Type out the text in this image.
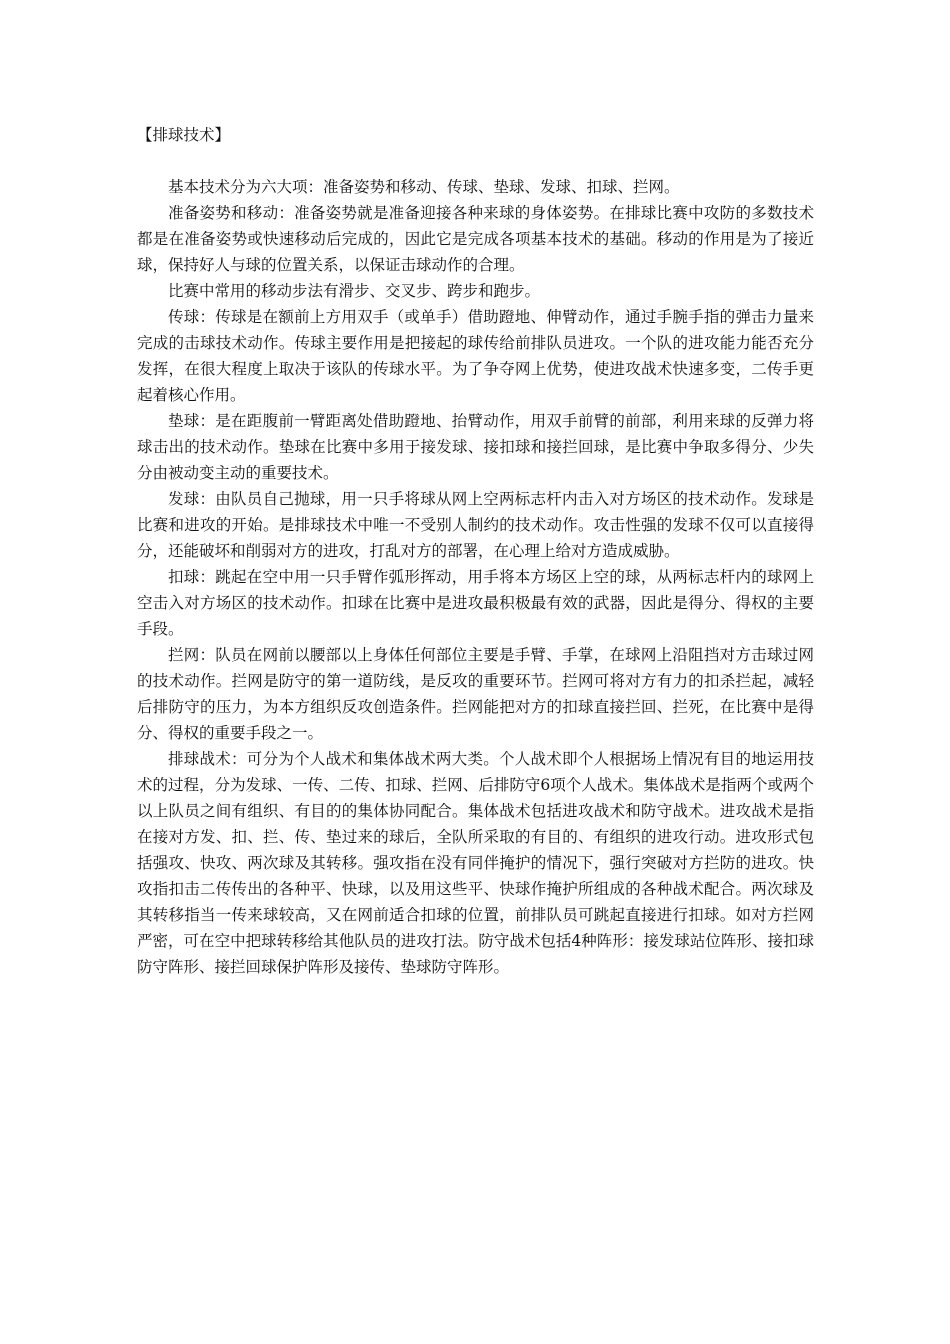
【排球技术】

基本技术分为六大项：准备姿势和移动、传球、垫球、发球、扣球、拦网。

准备姿势和移动：准备姿势就是准备迎接各种来球的身体姿势。在排球比赛中攻防的多数技术都是在准备姿势或快速移动后完成的，因此它是完成各项基本技术的基础。移动的作用是为了接近球，保持好人与球的位置关系，以保证击球动作的合理。

比赛中常用的移动步法有滑步、交叉步、跨步和跑步。

传球：传球是在额前上方用双手（或单手）借助蹬地、伸臂动作，通过手腕手指的弹击力量来完成的击球技术动作。传球主要作用是把接起的球传给前排队员进攻。一个队的进攻能力能否充分发挥，在很大程度上取决于该队的传球水平。为了争夺网上优势，使进攻战术快速多变，二传手更起着核心作用。

垫球：是在距腹前一臂距离处借助蹬地、抬臂动作，用双手前臂的前部，利用来球的反弹力将球击出的技术动作。垫球在比赛中多用于接发球、接扣球和接拦回球，是比赛中争取多得分、少失分由被动变主动的重要技术。

发球：由队员自己抛球，用一只手将球从网上空两标志杆内击入对方场区的技术动作。发球是比赛和进攻的开始。是排球技术中唯一不受别人制约的技术动作。攻击性强的发球不仅可以直接得分，还能破坏和削弱对方的进攻，打乱对方的部署，在心理上给对方造成威胁。

扣球：跳起在空中用一只手臂作弧形挥动，用手将本方场区上空的球，从两标志杆内的球网上空击入对方场区的技术动作。扣球在比赛中是进攻最积极最有效的武器，因此是得分、得权的主要手段。

拦网：队员在网前以腰部以上身体任何部位主要是手臂、手掌，在球网上沿阻挡对方击球过网的技术动作。拦网是防守的第一道防线，是反攻的重要环节。拦网可将对方有力的扣杀拦起，减轻后排防守的压力，为本方组织反攻创造条件。拦网能把对方的扣球直接拦回、拦死，在比赛中是得分、得权的重要手段之一。

排球战术：可分为个人战术和集体战术两大类。个人战术即个人根据场上情况有目的地运用技术的过程，分为发球、一传、二传、扣球、拦网、后排防守6项个人战术。集体战术是指两个或两个以上队员之间有组织、有目的的集体协同配合。集体战术包括进攻战术和防守战术。进攻战术是指在接对方发、扣、拦、传、垫过来的球后，全队所采取的有目的、有组织的进攻行动。进攻形式包括强攻、快攻、两次球及其转移。强攻指在没有同伴掩护的情况下，强行突破对方拦防的进攻。快攻指扣击二传传出的各种平、快球，以及用这些平、快球作掩护所组成的各种战术配合。两次球及其转移指当一传来球较高，又在网前适合扣球的位置，前排队员可跳起直接进行扣球。如对方拦网严密，可在空中把球转移给其他队员的进攻打法。防守战术包括4种阵形：接发球站位阵形、接扣球防守阵形、接拦回球保护阵形及接传、垫球防守阵形。
